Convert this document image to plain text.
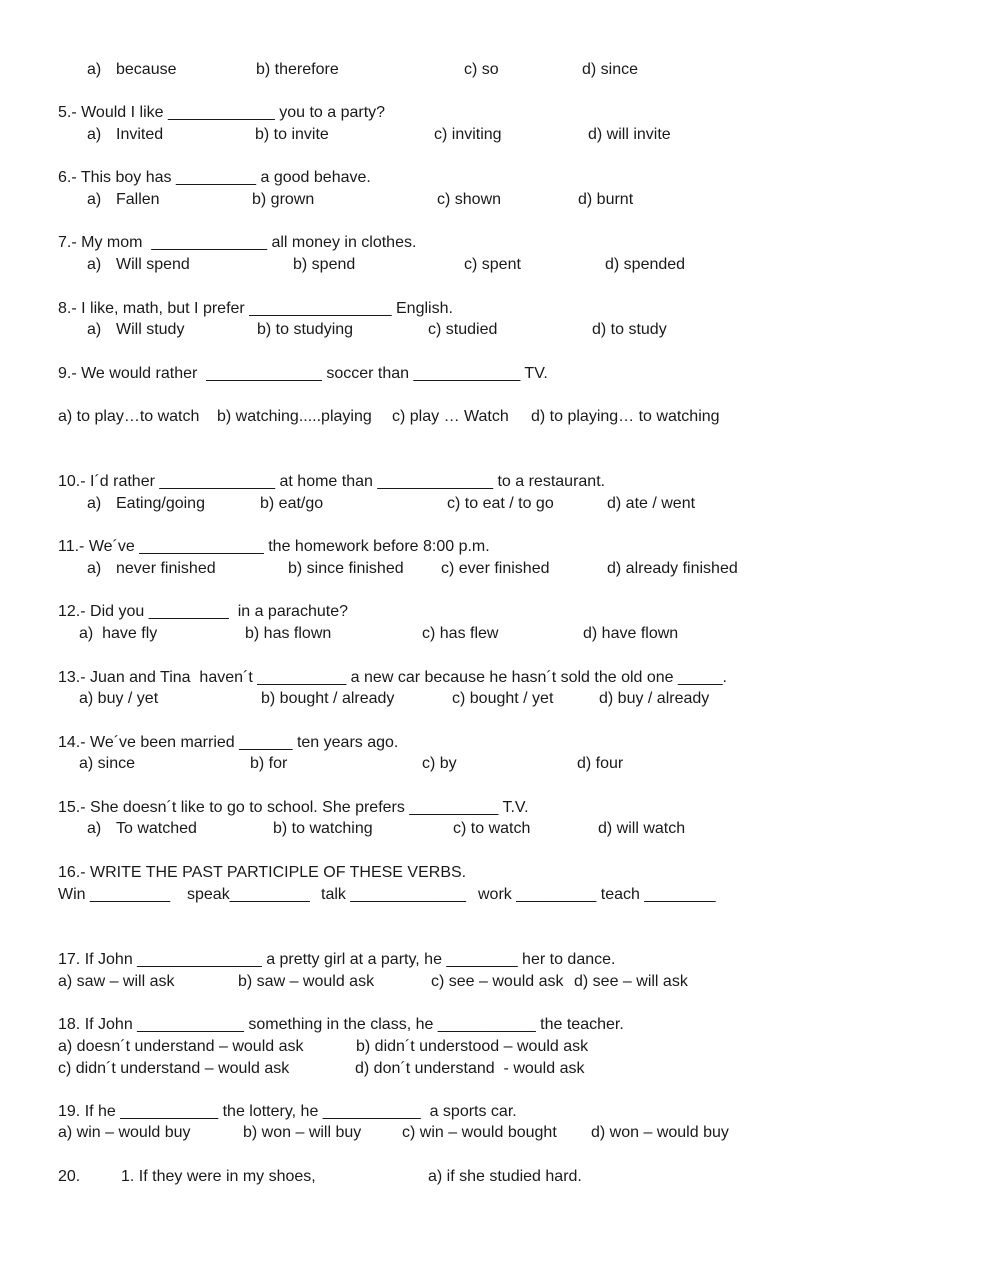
a) because	b) therefore	c) so	d) since
5.- Would I like ____________ you to a party?
a) Invited	b) to invite	c) inviting	d) will invite
6.- This boy has _________ a good behave.
a) Fallen	b) grown	c) shown	d) burnt
7.- My mom  _____________ all money in clothes.
a) Will spend	b) spend	c) spent	d) spended
8.- I like, math, but I prefer ________________ English.
a) Will study	b) to studying	c) studied	d) to study
9.- We would rather  _____________ soccer than ____________ TV.
a) to play…to watch b) watching.....playing c) play … Watch d) to playing… to watching
10.- I´d rather _____________ at home than _____________ to a restaurant.
a) Eating/going	b) eat/go	c) to eat / to go	d) ate / went
11.- We´ve ______________ the homework before 8:00 p.m.
a) never finished	b) since finished c) ever finished	d) already finished
12.- Did you _________  in a parachute?
a)  have fly	b) has flown	c) has flew	d) have flown
13.- Juan and Tina  haven´t __________ a new car because he hasn´t sold the old one _____.
a) buy / yet	b) bought / already	c) bought / yet	d) buy / already
14.- We´ve been married ______ ten years ago.
a) since	b) for	c) by	d) four
15.- She doesn´t like to go to school. She prefers __________ T.V.
a) To watched	b) to watching	c) to watch	d) will watch
16.- WRITE THE PAST PARTICIPLE OF THESE VERBS.
Win _________ speak_________ talk _____________ work _________ teach ________
17. If John ______________ a pretty girl at a party, he ________ her to dance.
a) saw – will ask	b) saw – would ask	c) see – would ask d) see – will ask
18. If John ____________ something in the class, he ___________ the teacher.
a) doesn´t understand – would ask	b) didn´t understood – would ask
c) didn´t understand – would ask	d) don´t understand  - would ask
19. If he ___________ the lottery, he ___________  a sports car.
a) win – would buy	b) won – will buy	c) win – would bought d) won – would buy
20.	1. If they were in my shoes,	a) if she studied hard.
